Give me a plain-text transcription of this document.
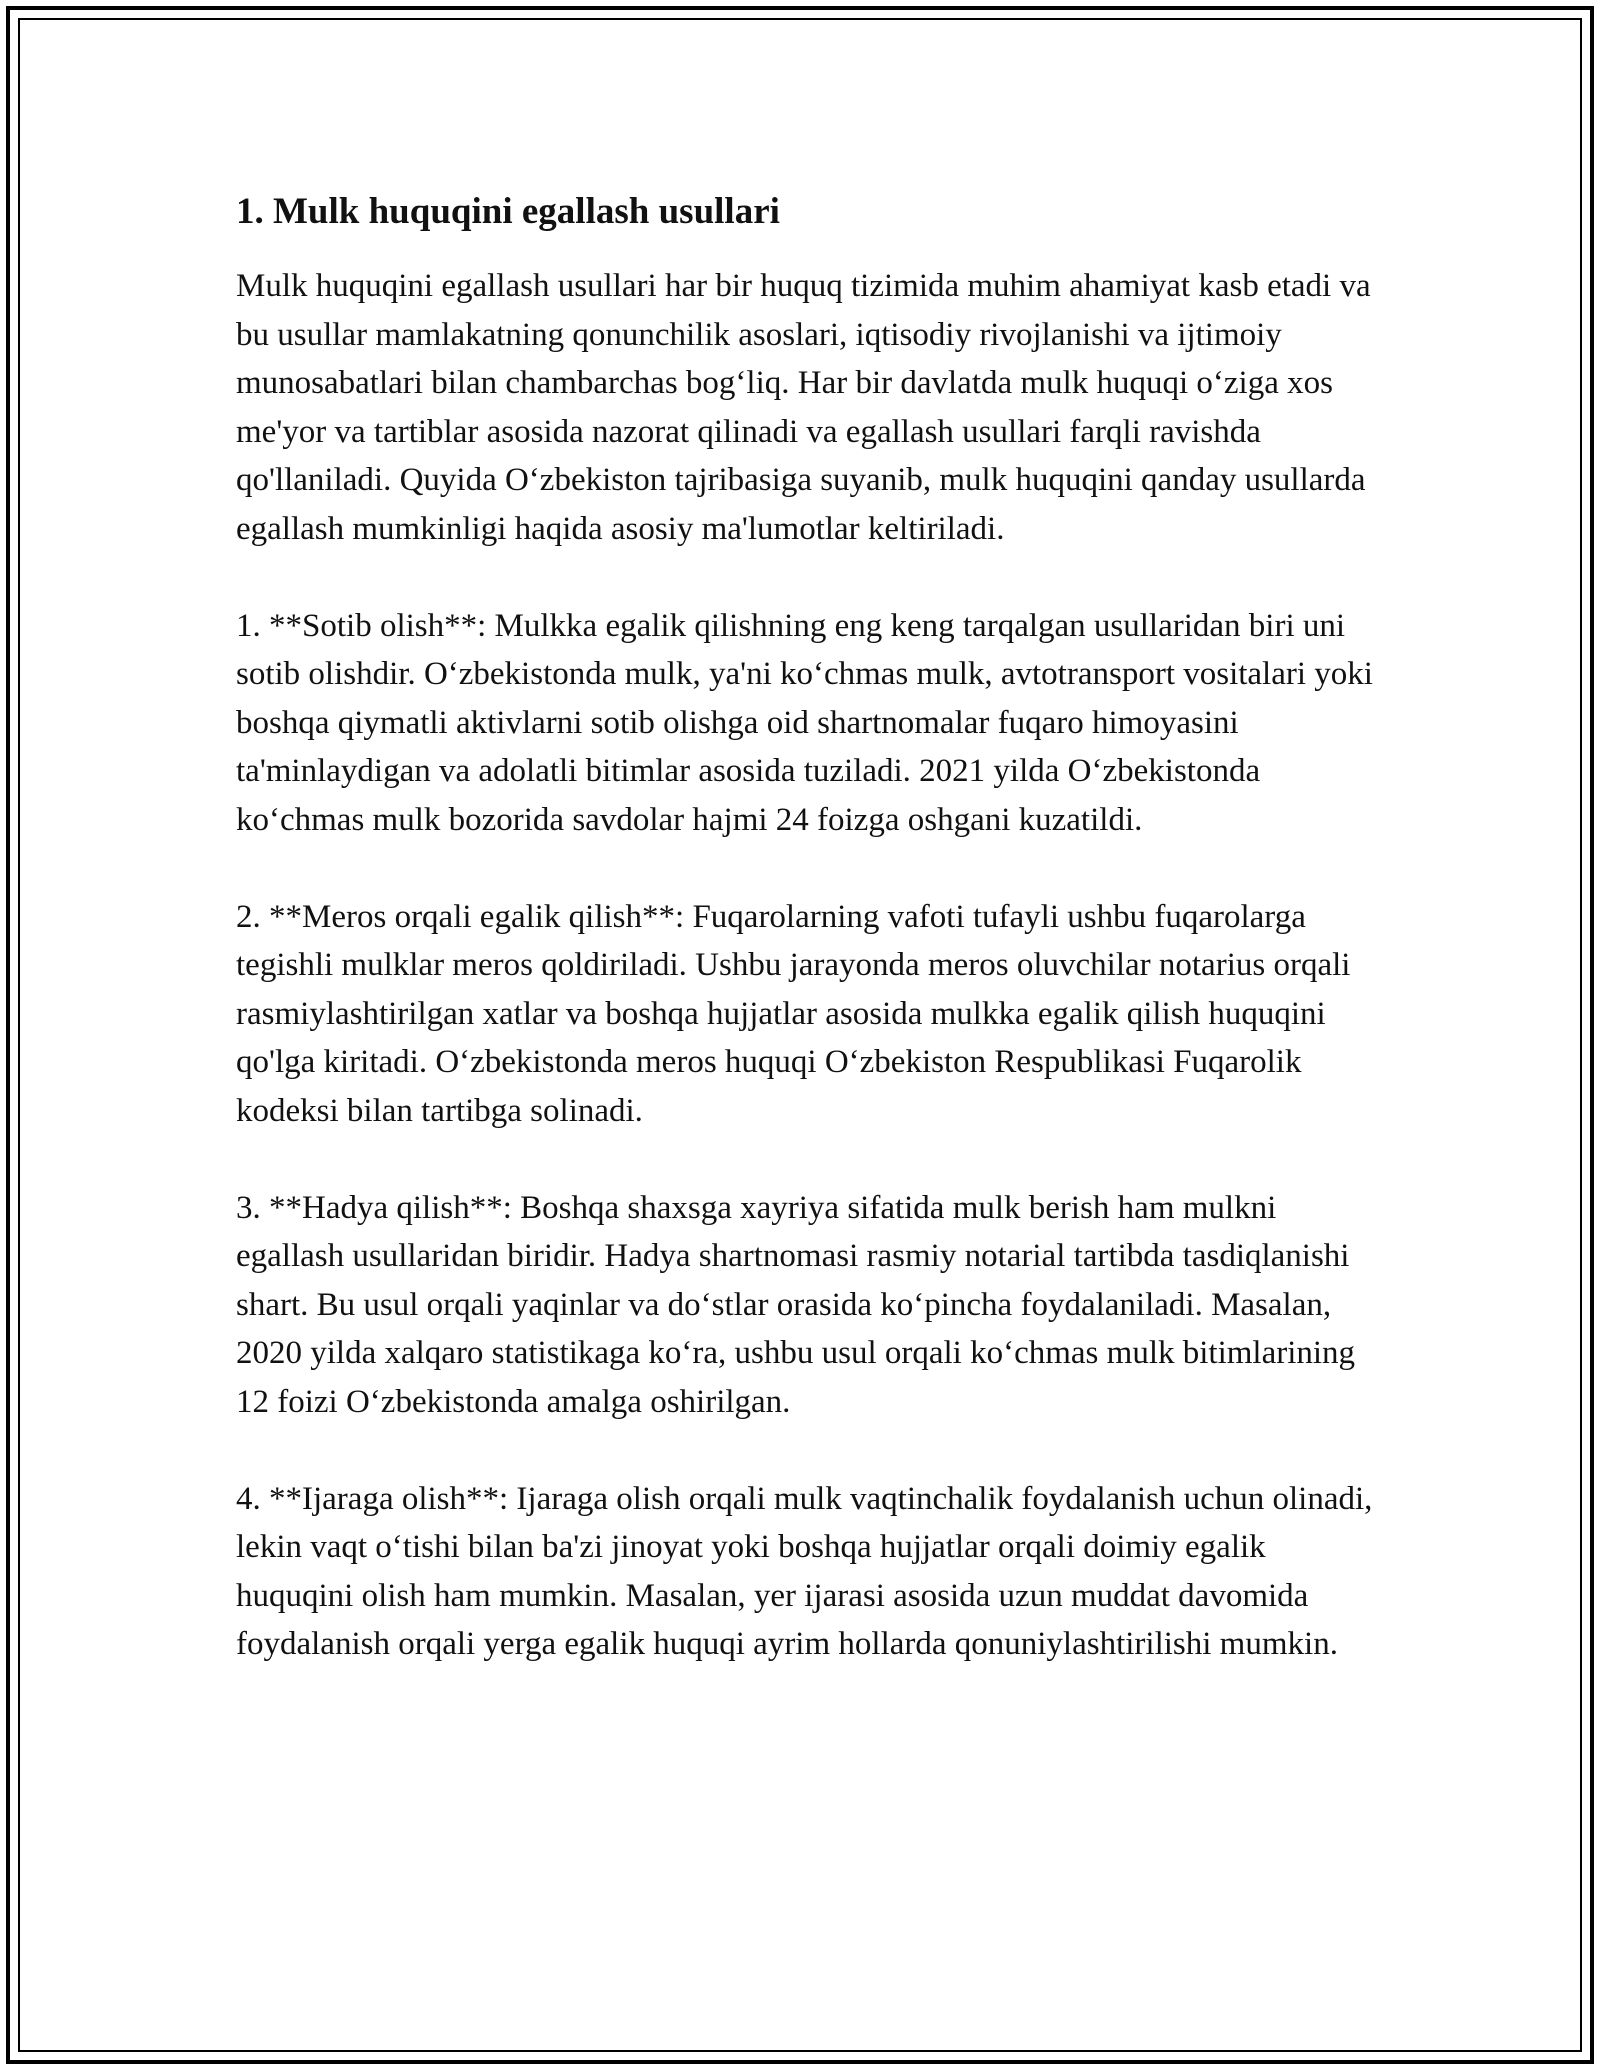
1. Mulk huquqini egallash usullari

Mulk huquqini egallash usullari har bir huquq tizimida muhim ahamiyat kasb etadi va bu usullar mamlakatning qonunchilik asoslari, iqtisodiy rivojlanishi va ijtimoiy munosabatlari bilan chambarchas bog‘liq. Har bir davlatda mulk huquqi o‘ziga xos me'yor va tartiblar asosida nazorat qilinadi va egallash usullari farqli ravishda qo'llaniladi. Quyida O‘zbekiston tajribasiga suyanib, mulk huquqini qanday usullarda egallash mumkinligi haqida asosiy ma'lumotlar keltiriladi.

1. **Sotib olish**: Mulkka egalik qilishning eng keng tarqalgan usullaridan biri uni sotib olishdir. O‘zbekistonda mulk, ya'ni ko‘chmas mulk, avtotransport vositalari yoki boshqa qiymatli aktivlarni sotib olishga oid shartnomalar fuqaro himoyasini ta'minlaydigan va adolatli bitimlar asosida tuziladi. 2021 yilda O‘zbekistonda ko‘chmas mulk bozorida savdolar hajmi 24 foizga oshgani kuzatildi.

2. **Meros orqali egalik qilish**: Fuqarolarning vafoti tufayli ushbu fuqarolarga tegishli mulklar meros qoldiriladi. Ushbu jarayonda meros oluvchilar notarius orqali rasmiylashtirilgan xatlar va boshqa hujjatlar asosida mulkka egalik qilish huquqini qo'lga kiritadi. O‘zbekistonda meros huquqi O‘zbekiston Respublikasi Fuqarolik kodeksi bilan tartibga solinadi.

3. **Hadya qilish**: Boshqa shaxsga xayriya sifatida mulk berish ham mulkni egallash usullaridan biridir. Hadya shartnomasi rasmiy notarial tartibda tasdiqlanishi shart. Bu usul orqali yaqinlar va do‘stlar orasida ko‘pincha foydalaniladi. Masalan, 2020 yilda xalqaro statistikaga ko‘ra, ushbu usul orqali ko‘chmas mulk bitimlarining 12 foizi O‘zbekistonda amalga oshirilgan.

4. **Ijaraga olish**: Ijaraga olish orqali mulk vaqtinchalik foydalanish uchun olinadi, lekin vaqt o‘tishi bilan ba'zi jinoyat yoki boshqa hujjatlar orqali doimiy egalik huquqini olish ham mumkin. Masalan, yer ijarasi asosida uzun muddat davomida foydalanish orqali yerga egalik huquqi ayrim hollarda qonuniylashtirilishi mumkin.
